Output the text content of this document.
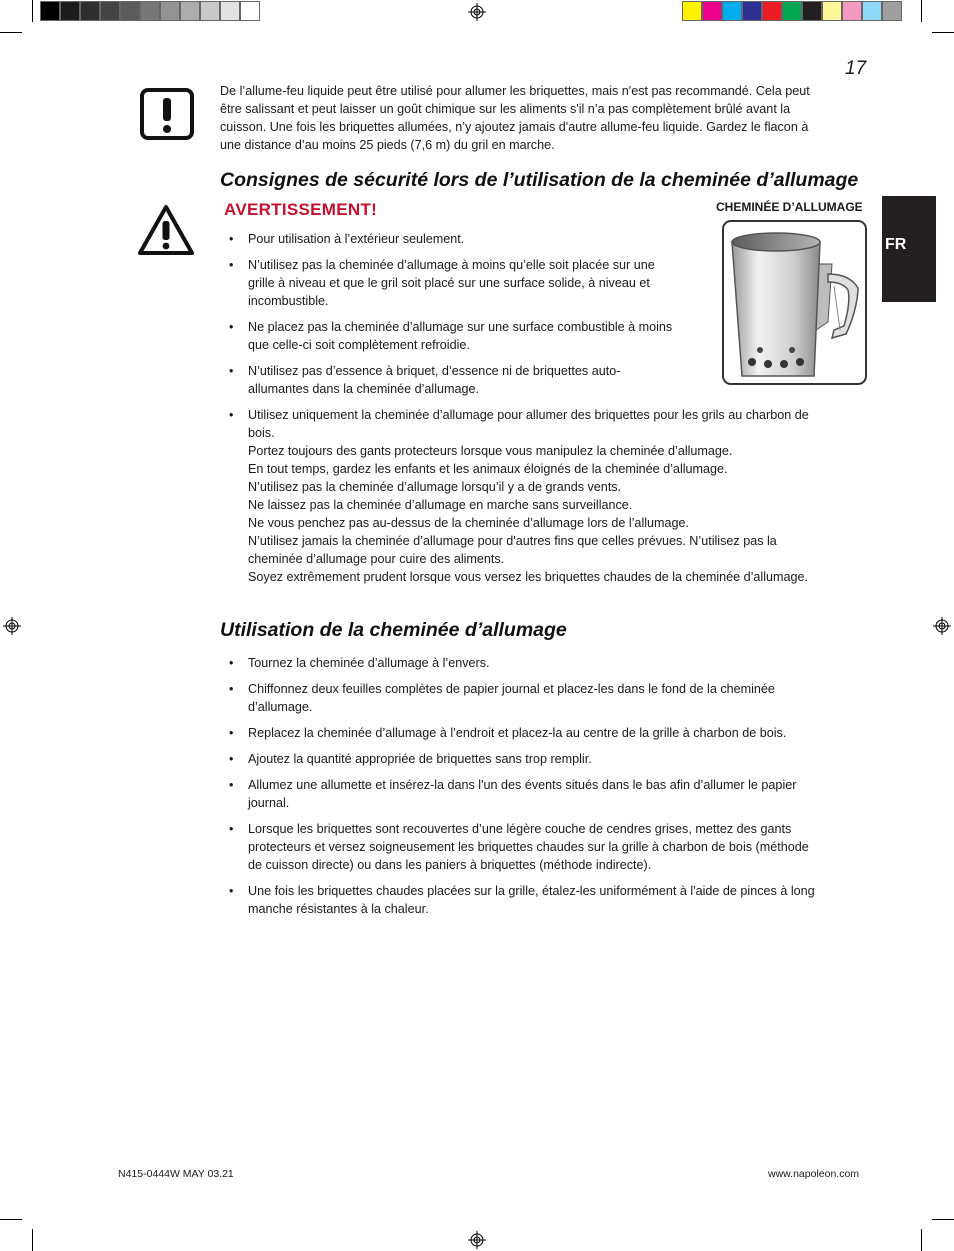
17
FR
De l’allume-feu liquide peut être utilisé pour allumer les briquettes, mais n'est pas recommandé. Cela peut
être salissant et peut laisser un goût chimique sur les aliments s'il n’a pas complètement brûlé avant la
cuisson. Une fois les briquettes allumées, n’y ajoutez jamais d'autre allume-feu liquide. Gardez le flacon à
une distance d’au moins 25 pieds (7,6 m) du gril en marche.
Consignes de sécurité lors de l’utilisation de la cheminée d’allumage
AVERTISSEMENT!	CHEMINÉE D’ALLUMAGE
• Pour utilisation à l’extérieur seulement.
• N’utilisez pas la cheminée d’allumage à moins qu’elle soit placée sur une
grille à niveau et que le gril soit placé sur une surface solide, à niveau et
incombustible.
• Ne placez pas la cheminée d’allumage sur une surface combustible à moins
que celle-ci soit complètement refroidie.
• N’utilisez pas d’essence à briquet, d’essence ni de briquettes auto-
allumantes dans la cheminée d’allumage.
• Utilisez uniquement la cheminée d’allumage pour allumer des briquettes pour les grils au charbon de
bois.
Portez toujours des gants protecteurs lorsque vous manipulez la cheminée d’allumage.
En tout temps, gardez les enfants et les animaux éloignés de la cheminée d’allumage.
N’utilisez pas la cheminée d’allumage lorsqu’il y a de grands vents.
Ne laissez pas la cheminée d’allumage en marche sans surveillance.
Ne vous penchez pas au-dessus de la cheminée d’allumage lors de l’allumage.
N’utilisez jamais la cheminée d’allumage pour d'autres fins que celles prévues. N’utilisez pas la
cheminée d’allumage pour cuire des aliments.
Soyez extrêmement prudent lorsque vous versez les briquettes chaudes de la cheminée d’allumage.
Utilisation de la cheminée d’allumage
• Tournez la cheminée d’allumage à l’envers.
• Chiffonnez deux feuilles complètes de papier journal et placez-les dans le fond de la cheminée
d’allumage.
• Replacez la cheminée d’allumage à l’endroit et placez-la au centre de la grille à charbon de bois.
• Ajoutez la quantité appropriée de briquettes sans trop remplir.
• Allumez une allumette et insérez-la dans l'un des évents situés dans le bas afin d’allumer le papier
journal.
• Lorsque les briquettes sont recouvertes d’une légère couche de cendres grises, mettez des gants
protecteurs et versez soigneusement les briquettes chaudes sur la grille à charbon de bois (méthode
de cuisson directe) ou dans les paniers à briquettes (méthode indirecte).
• Une fois les briquettes chaudes placées sur la grille, étalez-les uniformément à l'aide de pinces à long
manche résistantes à la chaleur.
N415-0444W MAY 03.21	www.napoleon.com
